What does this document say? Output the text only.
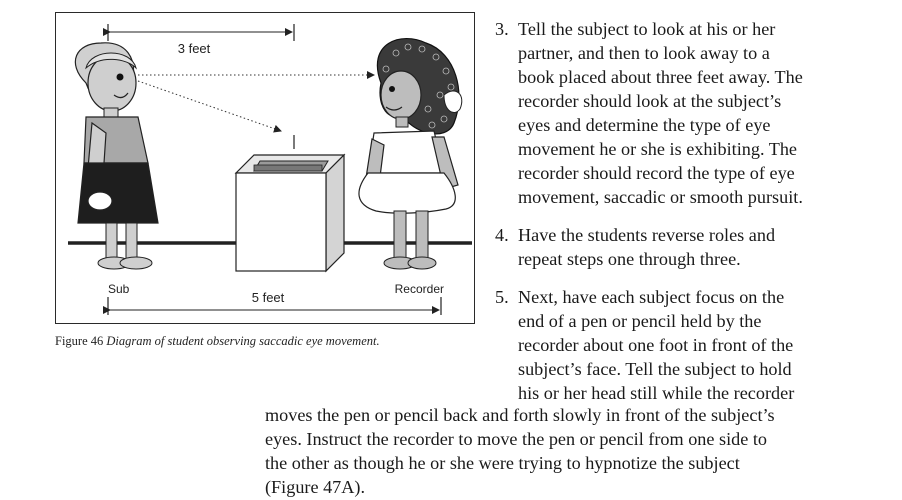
3 feet
Sub	Recorder
5 feet
Figure 46 Diagram of student observing saccadic eye movement.
3. Tell the subject to look at his or her
partner, and then to look away to a
book placed about three feet away. The
recorder should look at the subject’s
eyes and determine the type of eye
movement he or she is exhibiting. The
recorder should record the type of eye
movement, saccadic or smooth pursuit.
4. Have the students reverse roles and
repeat steps one through three.
5. Next, have each subject focus on the
end of a pen or pencil held by the
recorder about one foot in front of the
subject’s face. Tell the subject to hold
his or her head still while the recorder
moves the pen or pencil back and forth slowly in front of the subject’s
eyes. Instruct the recorder to move the pen or pencil from one side to
the other as though he or she were trying to hypnotize the subject
(Figure 47A).
